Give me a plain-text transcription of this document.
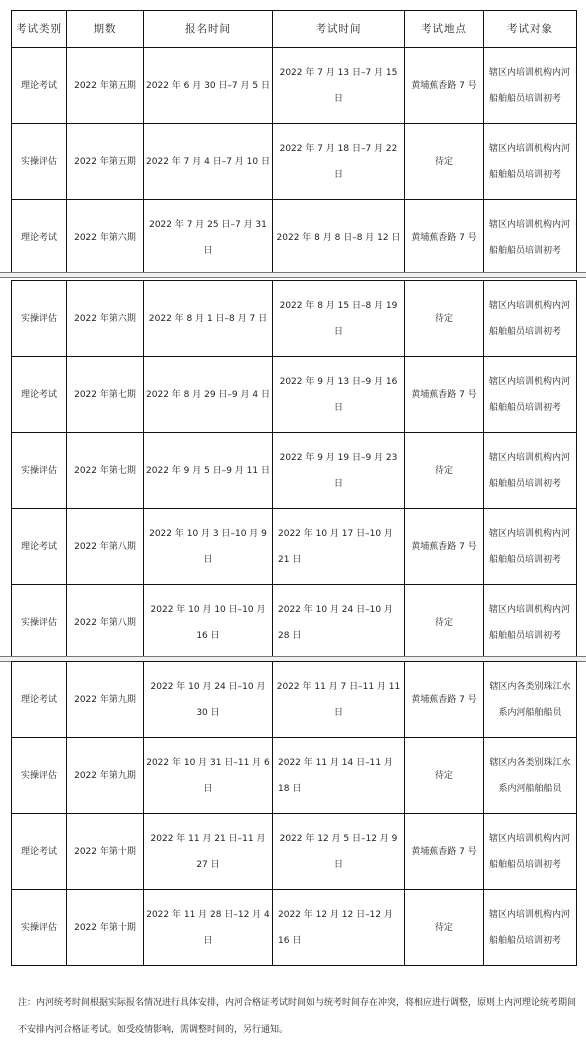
考试类别	期数	报名时间	考试时间	考试地点	考试对象
理论考试	2022 年第五期	2022 年 6 月 30 日–7 月 5 日	2022 年 7 月 13 日–7 月 15 日	黄埔蕉香路 7 号	辖区内培训机构内河船舶船员培训初考
实操评估	2022 年第五期	2022 年 7 月 4 日–7 月 10 日	2022 年 7 月 18 日–7 月 22 日	待定	辖区内培训机构内河船舶船员培训初考
理论考试	2022 年第六期	2022 年 7 月 25 日–7 月 31 日	2022 年 8 月 8 日–8 月 12 日	黄埔蕉香路 7 号	辖区内培训机构内河船舶船员培训初考
实操评估	2022 年第六期	2022 年 8 月 1 日–8 月 7 日	2022 年 8 月 15 日–8 月 19 日	待定	辖区内培训机构内河船舶船员培训初考
理论考试	2022 年第七期	2022 年 8 月 29 日–9 月 4 日	2022 年 9 月 13 日–9 月 16 日	黄埔蕉香路 7 号	辖区内培训机构内河船舶船员培训初考
实操评估	2022 年第七期	2022 年 9 月 5 日–9 月 11 日	2022 年 9 月 19 日–9 月 23 日	待定	辖区内培训机构内河船舶船员培训初考
理论考试	2022 年第八期	2022 年 10 月 3 日–10 月 9 日	2022 年 10 月 17 日–10 月 21 日	黄埔蕉香路 7 号	辖区内培训机构内河船舶船员培训初考
实操评估	2022 年第八期	2022 年 10 月 10 日–10 月 16 日	2022 年 10 月 24 日–10 月 28 日	待定	辖区内培训机构内河船舶船员培训初考
理论考试	2022 年第九期	2022 年 10 月 24 日–10 月 30 日	2022 年 11 月 7 日–11 月 11 日	黄埔蕉香路 7 号	辖区内各类别珠江水系内河船舶船员
实操评估	2022 年第九期	2022 年 10 月 31 日–11 月 6 日	2022 年 11 月 14 日–11 月 18 日	待定	辖区内各类别珠江水系内河船舶船员
理论考试	2022 年第十期	2022 年 11 月 21 日–11 月 27 日	2022 年 12 月 5 日–12 月 9 日	黄埔蕉香路 7 号	辖区内培训机构内河船舶船员培训初考
实操评估	2022 年第十期	2022 年 11 月 28 日–12 月 4 日	2022 年 12 月 12 日–12 月 16 日	待定	辖区内培训机构内河船舶船员培训初考
注：内河统考时间根据实际报名情况进行具体安排，内河合格证考试时间如与统考时间存在冲突，将相应进行调整，原则上内河理论统考期间不安排内河合格证考试。如受疫情影响，需调整时间的，另行通知。
